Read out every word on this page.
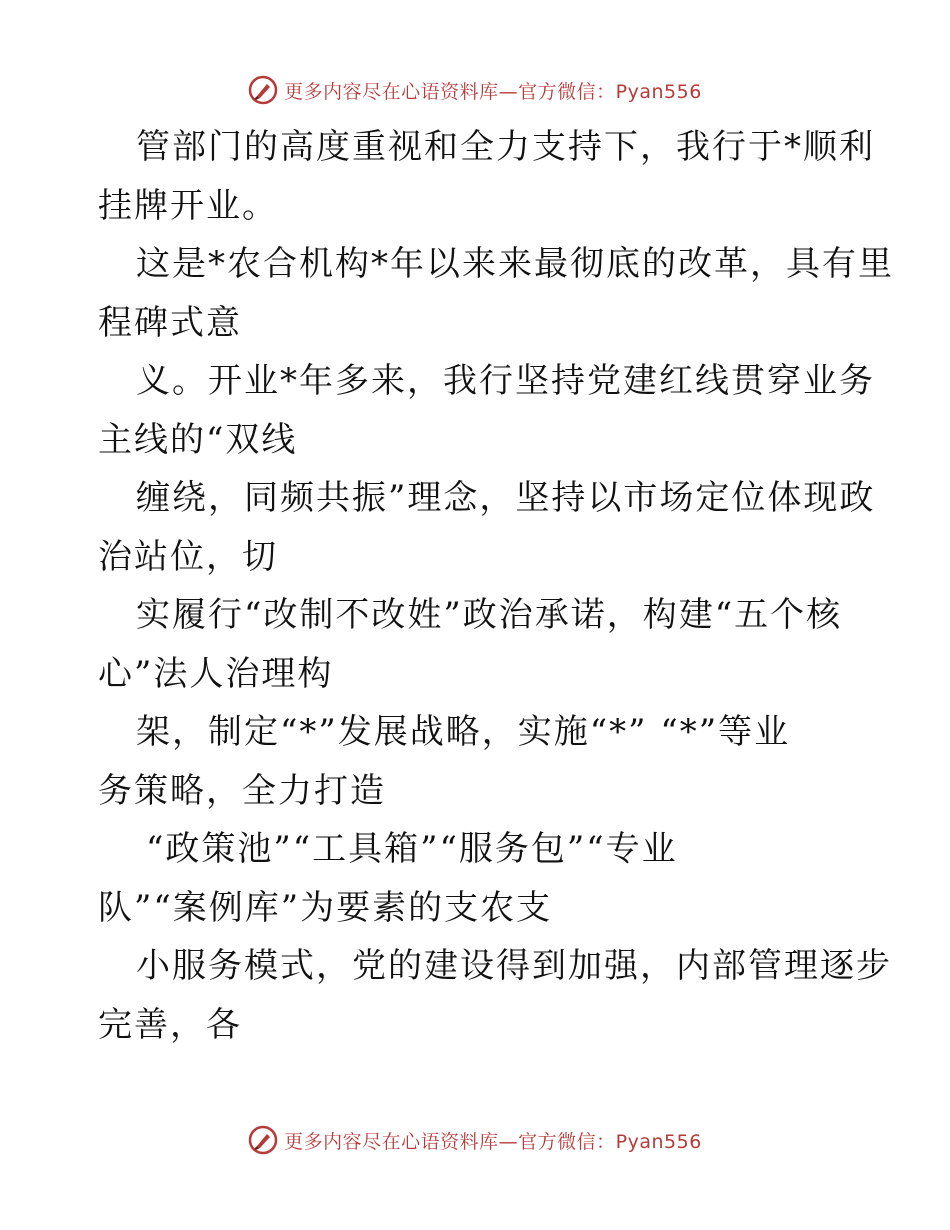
更多内容尽在心语资料库—官方微信：Pyan556
管部门的高度重视和全力支持下，我行于*顺利
挂牌开业。
这是*农合机构*年以来来最彻底的改革，具有里
程碑式意
义。开业*年多来，我行坚持党建红线贯穿业务
主线的“双线
缠绕，同频共振”理念，坚持以市场定位体现政
治站位，切
实履行“改制不改姓”政治承诺，构建“五个核
心”法人治理构
架，制定“*”发展战略，实施“*” “*”等业
务策略，全力打造
“政策池”“工具箱”“服务包”“专业
队”“案例库”为要素的支农支
小服务模式，党的建设得到加强，内部管理逐步
完善，各
更多内容尽在心语资料库—官方微信：Pyan556
